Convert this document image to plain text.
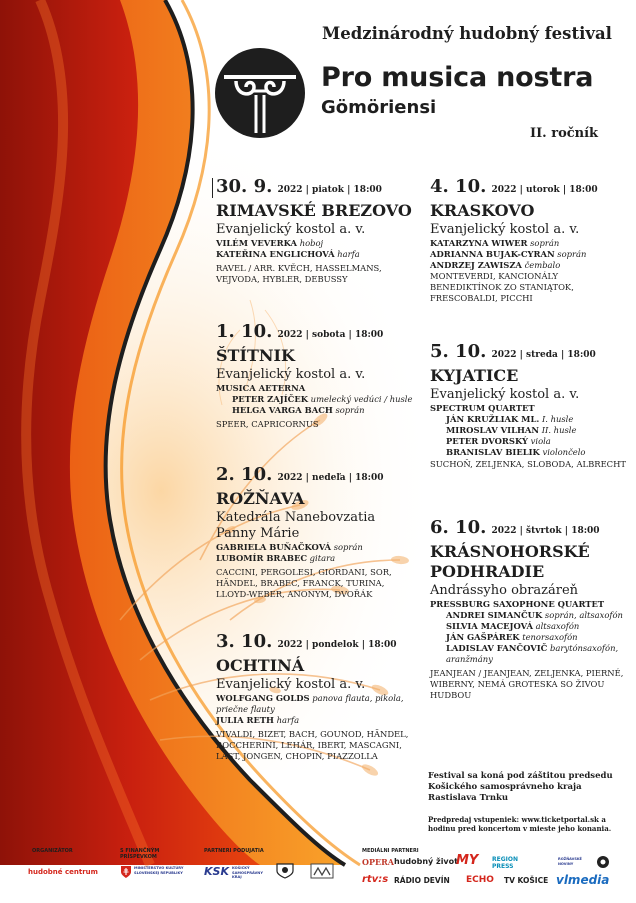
Medzinárodný hudobný festival
Pro musica nostra
Gömöriensi
II. ročník
30. 9. 2022 | piatok | 18:00
RIMAVSKÉ BREZOVO
Evanjelický kostol a. v.
VILÉM VEVERKA hoboj
KATEŘINA ENGLICHOVÁ harfa
RAVEL / ARR. KVĚCH, HASSELMANS, VEJVODA, HYBLER, DEBUSSY
1. 10. 2022 | sobota | 18:00
ŠTÍTNIK
Evanjelický kostol a. v.
MUSICA AETERNA
PETER ZAJÍČEK umelecký vedúci / husle
HELGA VARGA BACH soprán
SPEER, CAPRICORNUS
2. 10. 2022 | nedeľa | 18:00
ROŽŇAVA
Katedrála Nanebovzatia Panny Márie
GABRIELA BUŇAČKOVÁ soprán
LUBOMÍR BRABEC gitara
CACCINI, PERGOLESI, GIORDANI, SOR, HÄNDEL, BRABEC, FRANCK, TURINA, LLOYD-WEBER, ANONYM, DVOŘÁK
3. 10. 2022 | pondelok | 18:00
OCHTINÁ
Evanjelický kostol a. v.
WOLFGANG GOLDS panova flauta, pikola, priečne flauty
JULIA RETH harfa
VIVALDI, BIZET, BACH, GOUNOD, HÄNDEL, BOCCHERINI, LEHÁR, IBERT, MASCAGNI, LAST, JONGEN, CHOPIN, PIAZZOLLA
4. 10. 2022 | utorok | 18:00
KRASKOVO
Evanjelický kostol a. v.
KATARZYNA WIWER soprán
ADRIANNA BUJAK-CYRAN soprán
ANDRZEJ ZAWISZA čembalo
MONTEVERDI, KANCIONÁLY BENEDIKTÍNOK ZO STANIĄTOK, FRESCOBALDI, PICCHI
5. 10. 2022 | streda | 18:00
KYJATICE
Evanjelický kostol a. v.
SPECTRUM QUARTET
JÁN KRUŽLIAK ML. I. husle
MIROSLAV VILHAN II. husle
PETER DVORSKÝ viola
BRANISLAV BIELIK violončelo
SUCHOŇ, ZELJENKA, SLOBODA, ALBRECHT
6. 10. 2022 | štvrtok | 18:00
KRÁSNOHORSKÉ PODHRADIE
Andrássyho obrazáreň
PRESSBURG SAXOPHONE QUARTET
ANDREI SIMANČUK soprán, altsaxofón
SILVIA MACEJOVÁ altsaxofón
JÁN GAŠPÁREK tenorsaxofón
LADISLAV FANČOVIČ barytónsaxofón, aranžmány
JEANJEAN / JEANJEAN, ZELJENKA, PIERNÉ, WIBERNY, NEMÁ GROTESKA SO ŽIVOU HUDBOU
Festival sa koná pod záštitou predsedu Košického samosprávneho kraja Rastislava Trnku
Predpredaj vstupeniek: www.ticketportal.sk a hodinu pred koncertom v mieste jeho konania.
ORGANIZÁTOR	S FINANČNÝM PRÍSPEVKOM
PARTNERI PODUJATIA	MEDIÁLNI PARTNERI
hudobné centrum	MINISTERSTVO KULTÚRY SLOVENSKEJ REPUBLIKY	KSK KOŠICKÝ SAMOSPRÁVNY KRAJ
OPERA hudobný život
MY REGION PRESS
ROŽŇAVSKÉ NOVINY
rtv:s RÁDIO DEVÍN ECHO TV KOŠICE vlmedia
